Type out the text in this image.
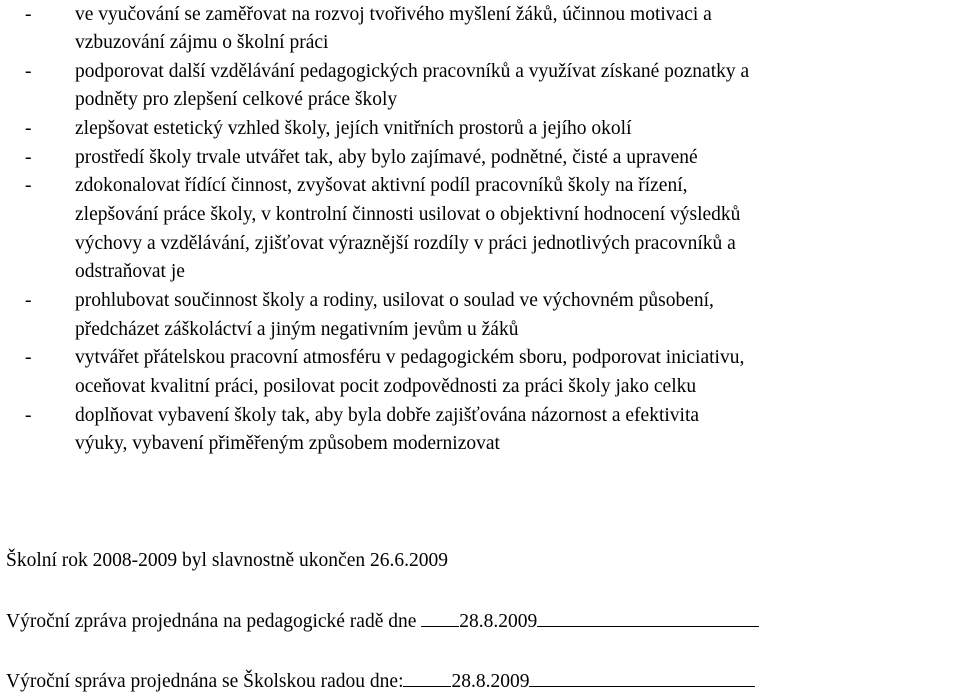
- ve vyučování se zaměřovat na rozvoj tvořivého myšlení žáků, účinnou motivaci a
vzbuzování zájmu o školní práci
- podporovat další vzdělávání pedagogických pracovníků a využívat získané poznatky a
podněty pro zlepšení celkové práce školy
- zlepšovat estetický vzhled školy, jejích vnitřních prostorů a jejího okolí
- prostředí školy trvale utvářet tak, aby bylo zajímavé, podnětné, čisté a upravené
- zdokonalovat řídící činnost, zvyšovat aktivní podíl pracovníků školy na řízení,
zlepšování práce školy, v kontrolní činnosti usilovat o objektivní hodnocení výsledků
výchovy a vzdělávání, zjišťovat výraznější rozdíly v práci jednotlivých pracovníků a
odstraňovat je
- prohlubovat součinnost školy a rodiny, usilovat o soulad ve výchovném působení,
předcházet záškoláctví a jiným negativním jevům u žáků
- vytvářet přátelskou pracovní atmosféru v pedagogickém sboru, podporovat iniciativu,
oceňovat kvalitní práci, posilovat pocit zodpovědnosti za práci školy jako celku
- doplňovat vybavení školy tak, aby byla dobře zajišťována názornost a efektivita
výuky, vybavení přiměřeným způsobem modernizovat
Školní rok 2008-2009 byl slavnostně ukončen 26.6.2009
Výroční zpráva projednána na pedagogické radě dne 28.8.2009
Výroční správa projednána se Školskou radou dne: 28.8.2009
